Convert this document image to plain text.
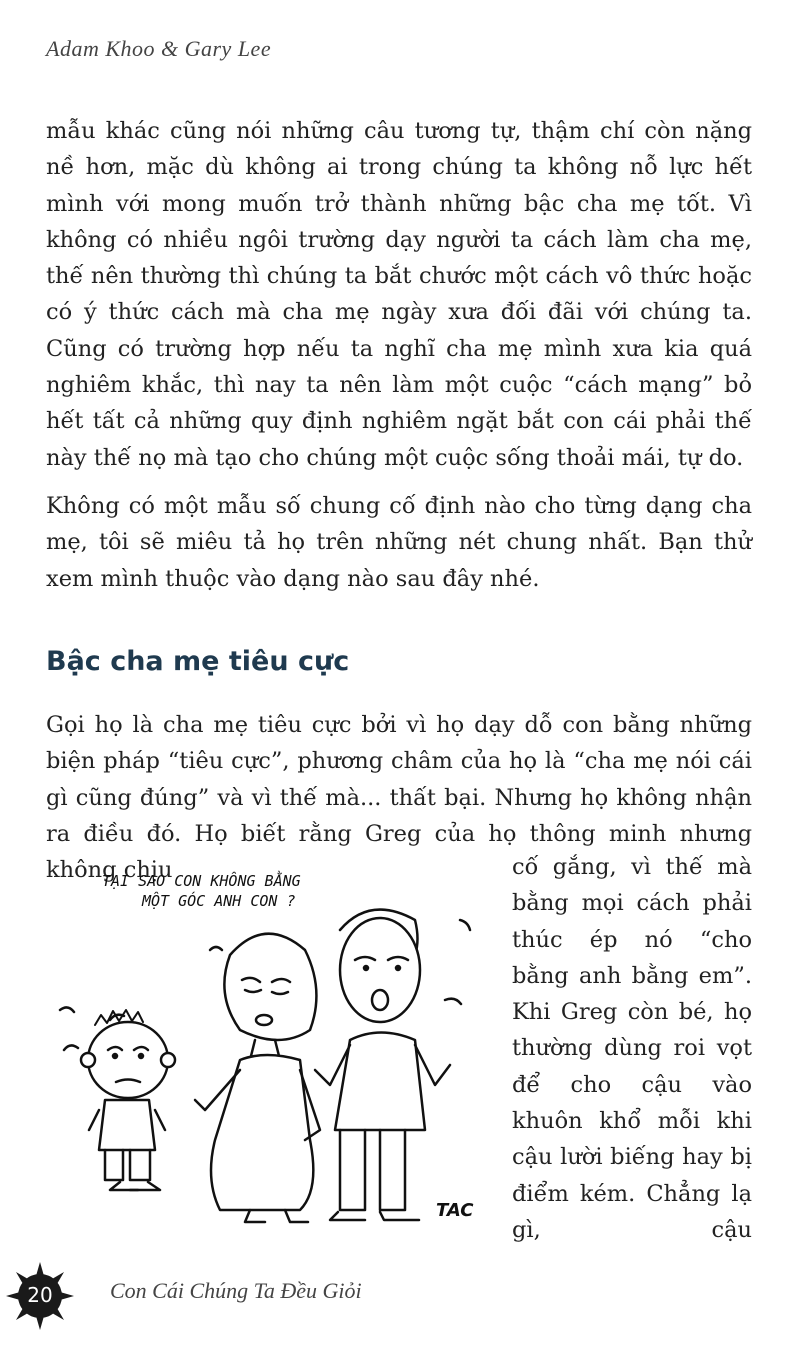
Adam Khoo & Gary Lee

mẫu khác cũng nói những câu tương tự, thậm chí còn nặng nề hơn, mặc dù không ai trong chúng ta không nỗ lực hết mình với mong muốn trở thành những bậc cha mẹ tốt. Vì không có nhiều ngôi trường dạy người ta cách làm cha mẹ, thế nên thường thì chúng ta bắt chước một cách vô thức hoặc có ý thức cách mà cha mẹ ngày xưa đối đãi với chúng ta. Cũng có trường hợp nếu ta nghĩ cha mẹ mình xưa kia quá nghiêm khắc, thì nay ta nên làm một cuộc “cách mạng” bỏ hết tất cả những quy định nghiêm ngặt bắt con cái phải thế này thế nọ mà tạo cho chúng một cuộc sống thoải mái, tự do.

Không có một mẫu số chung cố định nào cho từng dạng cha mẹ, tôi sẽ miêu tả họ trên những nét chung nhất. Bạn thử xem mình thuộc vào dạng nào sau đây nhé.

Bậc cha mẹ tiêu cực

Gọi họ là cha mẹ tiêu cực bởi vì họ dạy dỗ con bằng những biện pháp “tiêu cực”, phương châm của họ là “cha mẹ nói cái gì cũng đúng” và vì thế mà... thất bại. Nhưng họ không nhận ra điều đó. Họ biết rằng Greg của họ thông minh nhưng không chịu	cố gắng, vì thế mà bằng mọi cách phải thúc ép nó “cho bằng anh bằng em”. Khi Greg còn bé, họ thường dùng roi vọt để cho cậu vào khuôn khổ mỗi khi cậu lười biếng hay bị điểm kém. Chẳng lạ gì, cậu

TẠI SAO CON KHÔNG BẰNG
MỘT GÓC ANH CON ?
TAC
20	Con Cái Chúng Ta Đều Giỏi
